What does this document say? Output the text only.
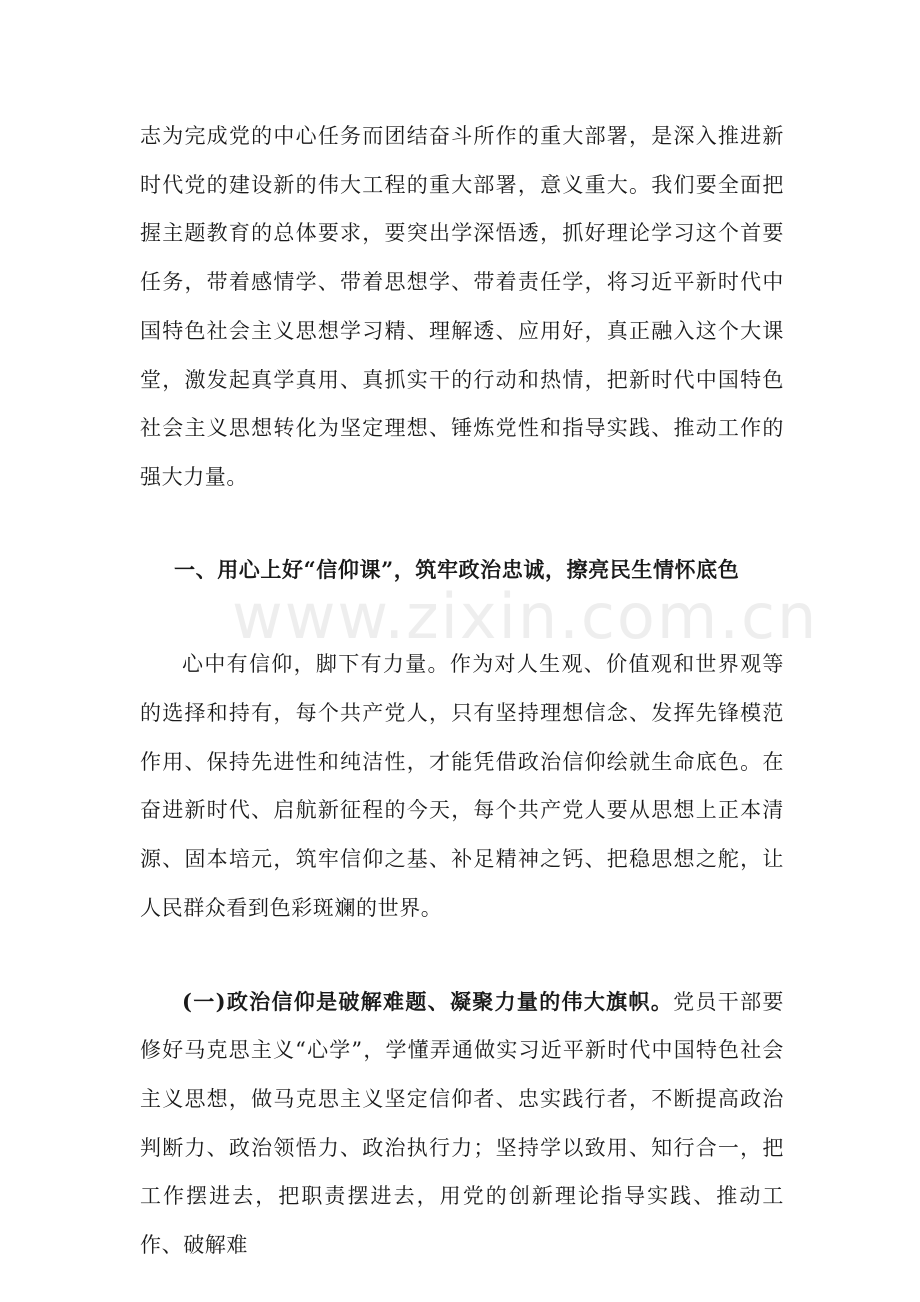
www.zixin.com.cn

志为完成党的中心任务而团结奋斗所作的重大部署，是深入推进新时代党的建设新的伟大工程的重大部署，意义重大。我们要全面把握主题教育的总体要求，要突出学深悟透，抓好理论学习这个首要任务，带着感情学、带着思想学、带着责任学，将习近平新时代中国特色社会主义思想学习精、理解透、应用好，真正融入这个大课堂，激发起真学真用、真抓实干的行动和热情，把新时代中国特色社会主义思想转化为坚定理想、锤炼党性和指导实践、推动工作的强大力量。

一、用心上好“信仰课”，筑牢政治忠诚，擦亮民生情怀底色

心中有信仰，脚下有力量。作为对人生观、价值观和世界观等的选择和持有，每个共产党人，只有坚持理想信念、发挥先锋模范作用、保持先进性和纯洁性，才能凭借政治信仰绘就生命底色。在奋进新时代、启航新征程的今天，每个共产党人要从思想上正本清源、固本培元，筑牢信仰之基、补足精神之钙、把稳思想之舵，让人民群众看到色彩斑斓的世界。

(一)政治信仰是破解难题、凝聚力量的伟大旗帜。党员干部要修好马克思主义“心学”，学懂弄通做实习近平新时代中国特色社会主义思想，做马克思主义坚定信仰者、忠实践行者，不断提高政治判断力、政治领悟力、政治执行力；坚持学以致用、知行合一，把工作摆进去，把职责摆进去，用党的创新理论指导实践、推动工作、破解难
